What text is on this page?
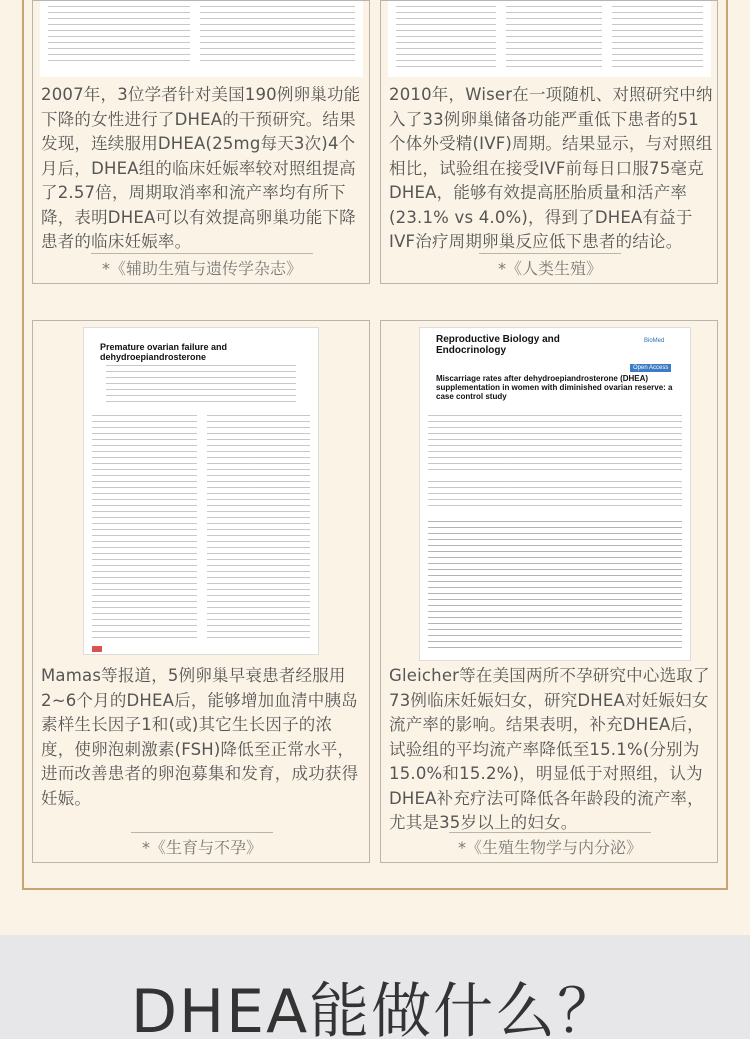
2007年，3位学者针对美国190例卵巢功能下降的女性进行了DHEA的干预研究。结果发现，连续服用DHEA(25mg每天3次)4个月后，DHEA组的临床妊娠率较对照组提高了2.57倍，周期取消率和流产率均有所下降，表明DHEA可以有效提高卵巢功能下降患者的临床妊娠率。
*《辅助生殖与遗传学杂志》
2010年，Wiser在一项随机、对照研究中纳入了33例卵巢储备功能严重低下患者的51个体外受精(IVF)周期。结果显示，与对照组相比，试验组在接受IVF前每日口服75毫克DHEA，能够有效提高胚胎质量和活产率(23.1% vs 4.0%)，得到了DHEA有益于IVF治疗周期卵巢反应低下患者的结论。
*《人类生殖》
Premature ovarian failure and dehydroepiandrosterone
Mamas等报道，5例卵巢早衰患者经服用2~6个月的DHEA后，能够增加血清中胰岛素样生长因子1和(或)其它生长因子的浓度，使卵泡刺激素(FSH)降低至正常水平，进而改善患者的卵泡募集和发育，成功获得妊娠。
*《生育与不孕》
Reproductive Biology and Endocrinology
BioMed
Open Access
Miscarriage rates after dehydroepiandrosterone (DHEA) supplementation in women with diminished ovarian reserve: a case control study
Gleicher等在美国两所不孕研究中心选取了73例临床妊娠妇女，研究DHEA对妊娠妇女流产率的影响。结果表明，补充DHEA后，试验组的平均流产率降低至15.1%(分别为15.0%和15.2%)，明显低于对照组，认为DHEA补充疗法可降低各年龄段的流产率，尤其是35岁以上的妇女。
*《生殖生物学与内分泌》
DHEA能做什么？
